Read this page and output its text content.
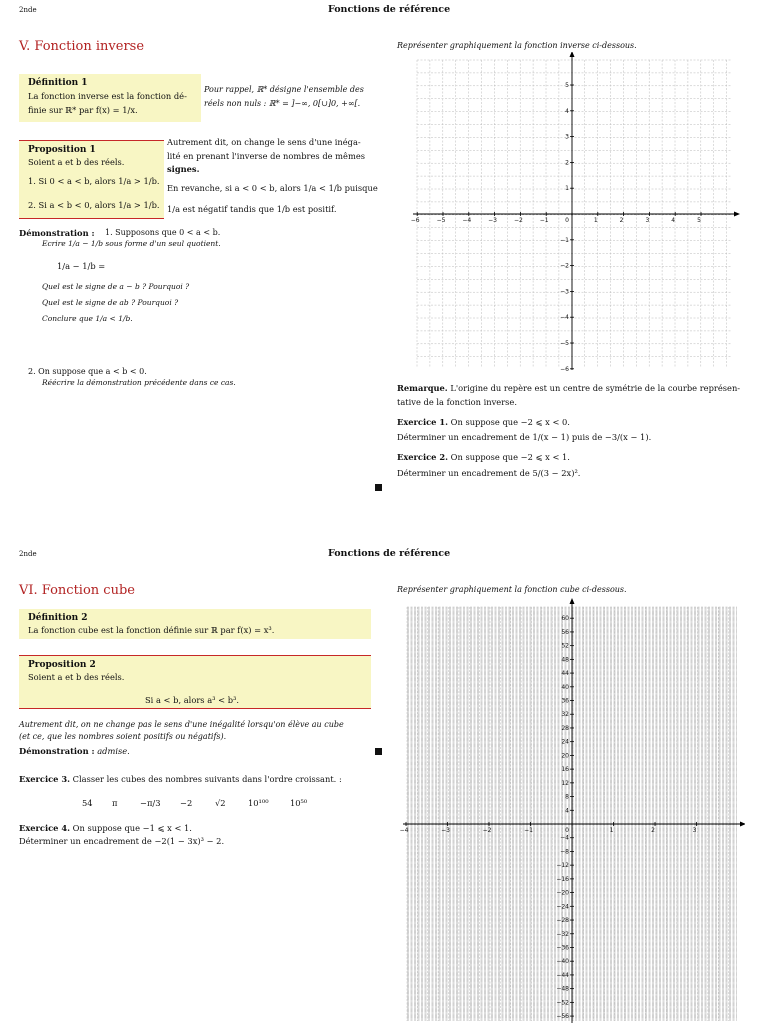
2nde	Fonctions de référence
V. Fonction inverse
Définition 1
La fonction inverse est la fonction dé-
finie sur ℝ* par f(x) = 1/x.
Pour rappel, ℝ* désigne l'ensemble des
réels non nuls : ℝ* = ]−∞, 0[∪]0, +∞[.
Proposition 1
Soient a et b des réels.
1. Si 0 < a < b, alors 1/a > 1/b.
2. Si a < b < 0, alors 1/a > 1/b.
Autrement dit, on change le sens d'une inéga-
lité en prenant l'inverse de nombres de mêmes
signes.
En revanche, si a < 0 < b, alors 1/a < 1/b puisque
1/a est négatif tandis que 1/b est positif.
Démonstration : 1. Supposons que 0 < a < b.
Ecrire 1/a − 1/b sous forme d'un seul quotient.
1/a − 1/b =
Quel est le signe de a − b ? Pourquoi ?
Quel est le signe de ab ? Pourquoi ?
Conclure que 1/a < 1/b.
2. On suppose que a < b < 0.
Réécrire la démonstration précédente dans ce cas.
Représenter graphiquement la fonction inverse ci-dessous.
−6	−5	−4	−3	−2	−1	0	1	2	3	4	5
5
4
3
2
1
−1
−2
−3
−4
−5
−6
Remarque. L'origine du repère est un centre de symétrie de la courbe représen-
tative de la fonction inverse.
Exercice 1. On suppose que −2 ⩽ x < 0.
Déterminer un encadrement de 1/(x − 1) puis de −3/(x − 1).
Exercice 2. On suppose que −2 ⩽ x < 1.
Déterminer un encadrement de 5/(3 − 2x)².
2nde	Fonctions de référence
VI. Fonction cube
Définition 2
La fonction cube est la fonction définie sur ℝ par f(x) = x³.
Proposition 2
Soient a et b des réels.
Si a < b, alors a³ < b³.
Autrement dit, on ne change pas le sens d'une inégalité lorsqu'on élève au cube
(et ce, que les nombres soient positifs ou négatifs).
Démonstration : admise.
Exercice 3. Classer les cubes des nombres suivants dans l'ordre croissant. :
54 π	−π/3 −2	√2	10¹⁰⁰	10⁵⁰
Exercice 4. On suppose que −1 ⩽ x < 1.
Déterminer un encadrement de −2(1 − 3x)³ − 2.
Représenter graphiquement la fonction cube ci-dessous.
−4	−3	−2	−1	0	1	2	3
60
56
52
48
44
40
36
32
28
24
20
16
12
8
4
−4
−8
−12
−16
−20
−24
−28
−32
−36
−40
−44
−48
−52
−56
